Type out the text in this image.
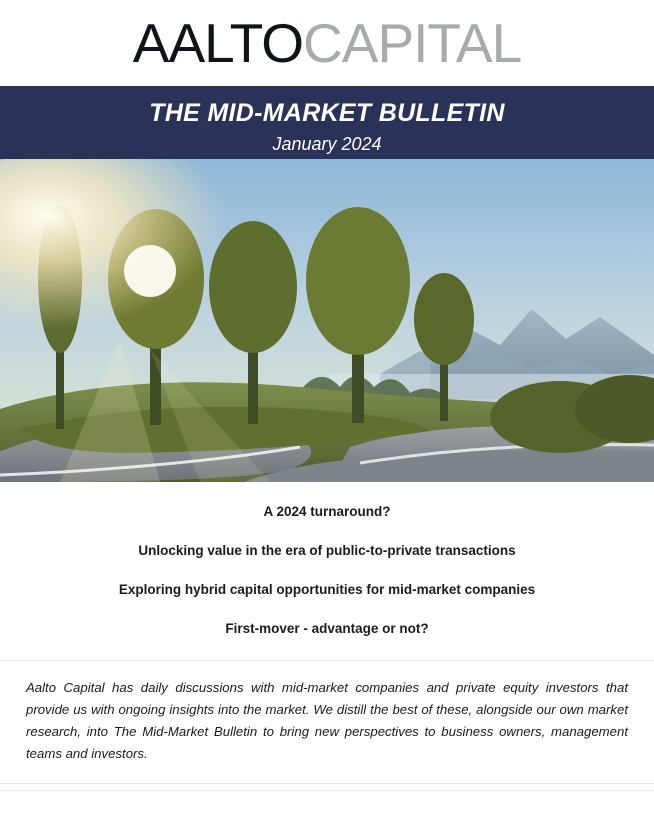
AALTOCAPITAL
THE MID-MARKET BULLETIN
January 2024
A 2024 turnaround?
Unlocking value in the era of public-to-private transactions
Exploring hybrid capital opportunities for mid-market companies
First-mover - advantage or not?

Aalto Capital has daily discussions with mid-market companies and private equity investors that provide us with ongoing insights into the market. We distill the best of these, alongside our own market research, into The Mid-Market Bulletin to bring new perspectives to business owners, management teams and investors.
